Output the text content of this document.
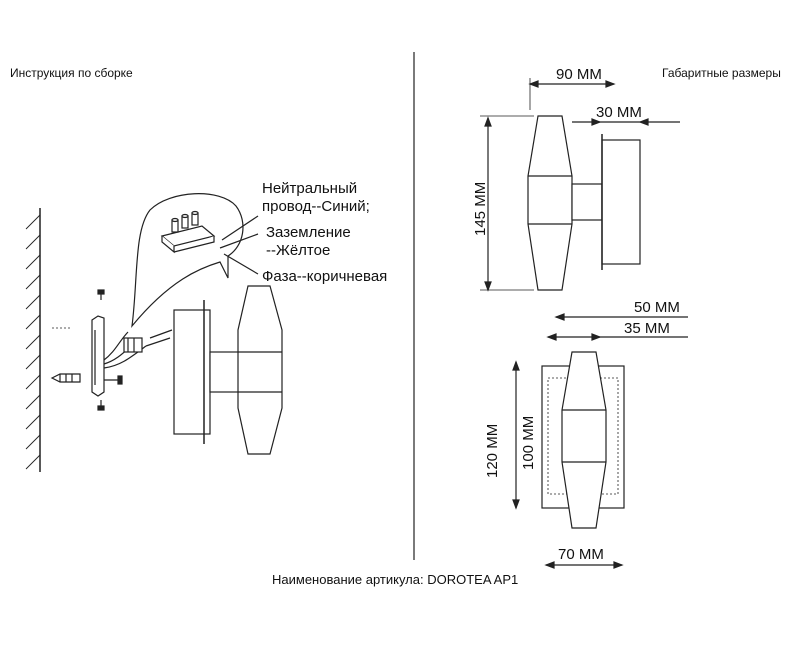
Инструкция по сборке	Габаритные размеры
Нейтральный
провод--Синий;
Заземление
--Жёлтое
Фаза--коричневая
90 MM
30 MM
145 MM
50 MM
35 MM
120 MM 100 MM
70 MM
Наименование артикула: DOROTEA AP1
